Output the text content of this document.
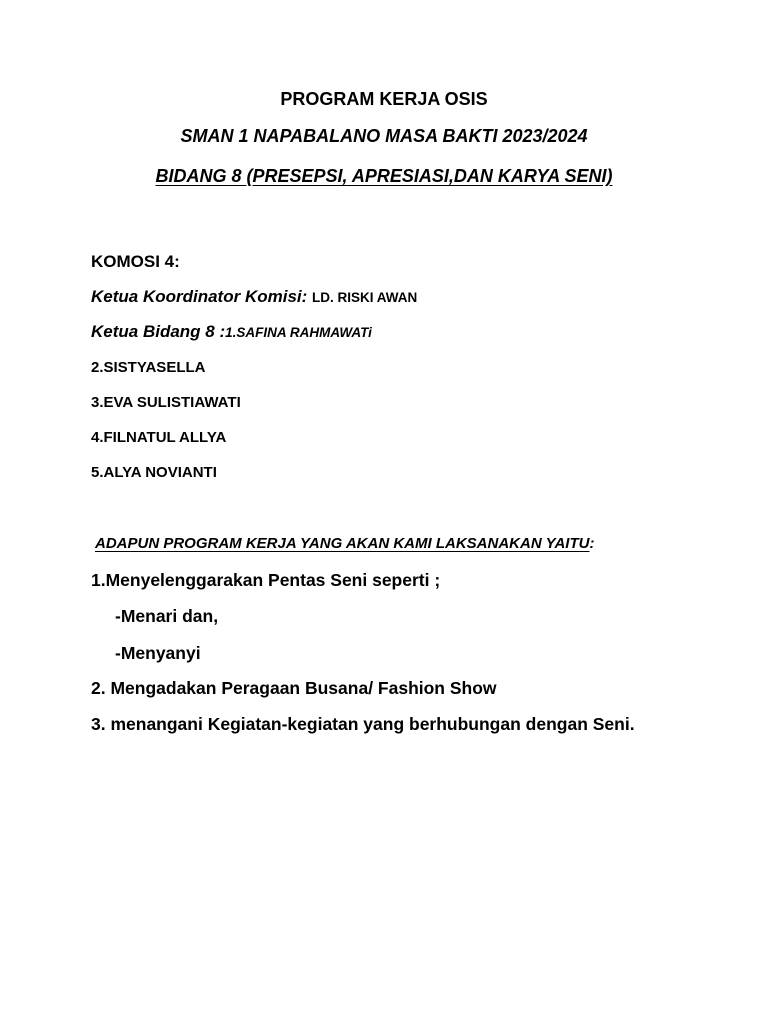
PROGRAM KERJA OSIS
SMAN 1 NAPABALANO MASA BAKTI 2023/2024
BIDANG 8 (PRESEPSI, APRESIASI,DAN KARYA SENI)
KOMOSI 4:
Ketua Koordinator Komisi: LD. RISKI AWAN
Ketua Bidang 8 :1.SAFINA RAHMAWATi
2.SISTYASELLA
3.EVA SULISTIAWATI
4.FILNATUL ALLYA
5.ALYA NOVIANTI
ADAPUN PROGRAM KERJA YANG AKAN KAMI LAKSANAKAN YAITU:
1.Menyelenggarakan Pentas Seni seperti ;
-Menari dan,
-Menyanyi
2. Mengadakan Peragaan Busana/ Fashion Show
3. menangani Kegiatan-kegiatan yang berhubungan dengan Seni.
